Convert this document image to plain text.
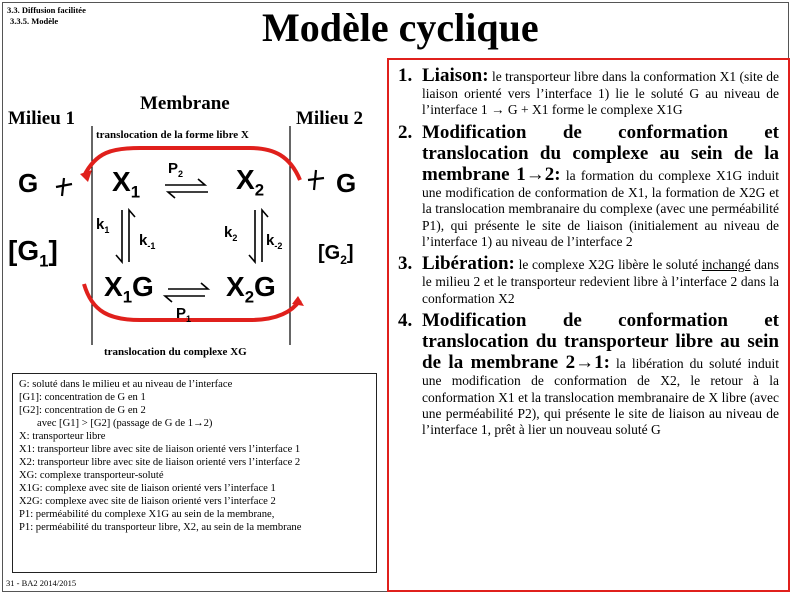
3.3. Diffusion facilitée
3.3.5. Modèle	Modèle cyclique
Membrane
Milieu 1	Milieu 2
translocation de la forme libre X
translocation du complexe XG
G	G
$[G_1]$	$[G_2]$
$X_1$	$X_2$
$X_1G$	$X_2G$
$P_2$
$P_1$
$k_1$
$k_{-1}$
$k_2$ $k_{-2}$
G: soluté dans le milieu et au niveau de l’interface
[G1]: concentration de G en 1
[G2]: concentration de G en 2
avec [G1] > [G2] (passage de G de 1→2)
X: transporteur libre
X1: transporteur libre avec site de liaison orienté vers l’interface 1
X2: transporteur libre avec site de liaison orienté vers l’interface 2
XG: complexe transporteur-soluté
X1G: complexe avec site de liaison orienté vers l’interface 1
X2G: complexe avec site de liaison orienté vers l’interface 2
P1: perméabilité du complexe X1G au sein de la membrane,
P1: perméabilité du transporteur libre, X2, au sein de la membrane
1. Liaison: le transporteur libre dans la conformation X1 (site de liaison orienté vers l’interface 1) lie le soluté G au niveau de l’interface 1 → G + X1 forme le complexe X1G
2. Modification de conformation et translocation du complexe au sein de la membrane 1→2: la formation du complexe X1G induit une modification de conformation de X1, la formation de X2G et la translocation membranaire du complexe (avec une perméabilité P1), qui présente le site de liaison (initialement au niveau de l’interface 1) au niveau de l’interface 2
3. Libération: le complexe X2G libère le soluté inchangé dans le milieu 2 et le transporteur redevient libre à l’interface 2 dans la conformation X2
4. Modification de conformation et translocation du transporteur libre au sein de la membrane 2→1: la libération du soluté induit une modification de conformation de X2, le retour à la conformation X1 et la translocation membranaire de X libre (avec une perméabilité P2), qui présente le site de liaison au niveau de l’interface 1, prêt à lier un nouveau soluté G
31 - BA2 2014/2015
